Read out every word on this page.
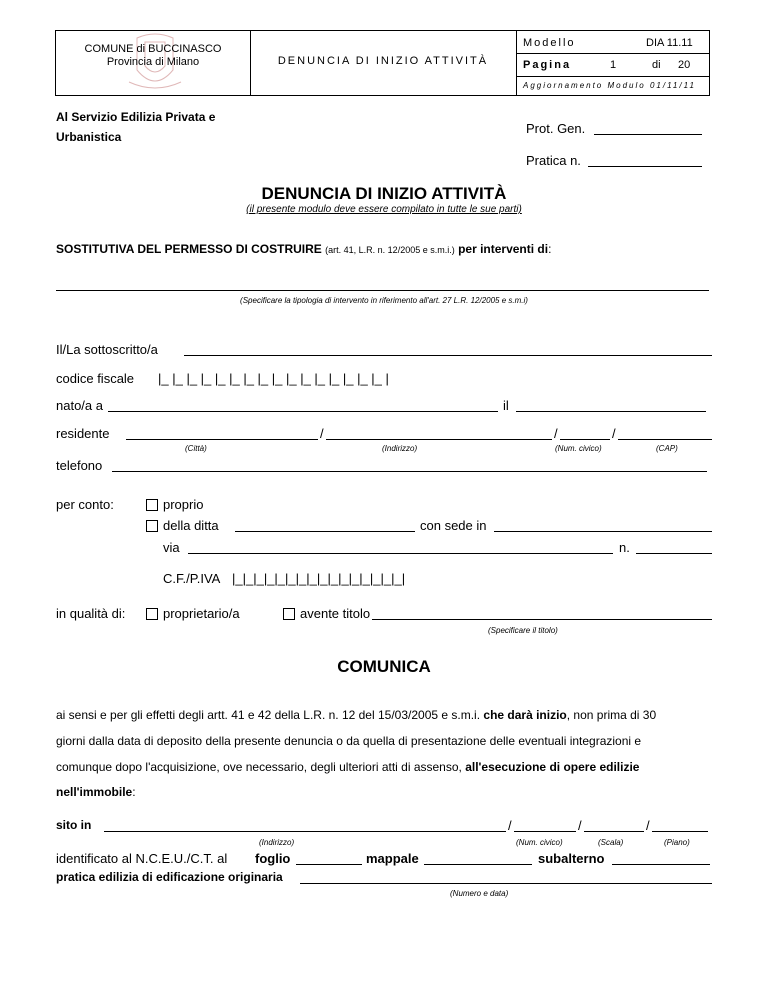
COMUNE di BUCCINASCO
Provincia di Milano	DENUNCIA DI INIZIO ATTIVITÀ
Modello	DIA 11.11
Pagina	1	di 20
Aggiornamento Modulo 01/11/11
Al Servizio Edilizia Privata e
Urbanistica
Prot. Gen.
Pratica n.
DENUNCIA DI INIZIO ATTIVITÀ
(il presente modulo deve essere compilato in tutte le sue parti)
SOSTITUTIVA DEL PERMESSO DI COSTRUIRE (art. 41, L.R. n. 12/2005 e s.m.i.) per interventi di:
(Specificare la tipologia di intervento in riferimento all'art. 27 L.R. 12/2005 e s.m.i)
Il/La sottoscritto/a
codice fiscale |_ |_ |_ |_ |_ |_ |_ |_ |_ |_ |_ |_ |_ |_ |_ |_ |
nato/a a	il
residente	/	/	/
(Città)	(Indirizzo)	(Num. civico)	(CAP)
telefono
per conto:	proprio
della ditta	con sede in
via	n.
C.F./P.IVA |_|_|_|_|_|_|_|_|_|_|_|_|_|_|_|_|
in qualità di:	proprietario/a	avente titolo
(Specificare il titolo)
COMUNICA
ai sensi e per gli effetti degli artt. 41 e 42 della L.R. n. 12 del 15/03/2005 e s.m.i. che darà inizio, non prima di 30
giorni dalla data di deposito della presente denuncia o da quella di presentazione delle eventuali integrazioni e
comunque dopo l'acquisizione, ove necessario, degli ulteriori atti di assenso, all'esecuzione di opere edilizie
nell'immobile:
sito in	/	/	/
(Indirizzo)	(Num. civico)	(Scala)	(Piano)
identificato al N.C.E.U./C.T. al foglio	mappale	subalterno
pratica edilizia di edificazione originaria
(Numero e data)
